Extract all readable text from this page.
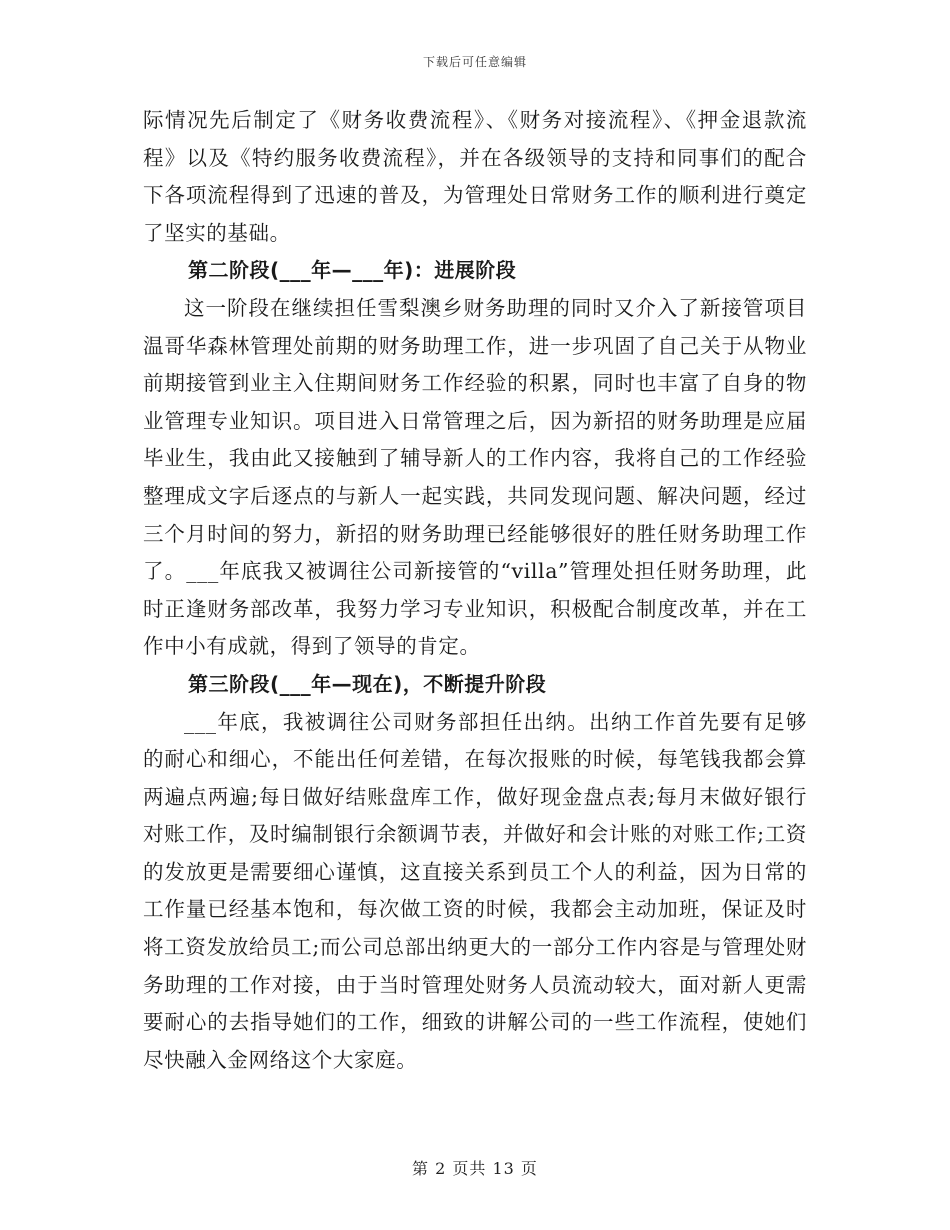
下载后可任意编辑

际情况先后制定了《财务收费流程》、《财务对接流程》、《押金退款流程》以及《特约服务收费流程》，并在各级领导的支持和同事们的配合下各项流程得到了迅速的普及，为管理处日常财务工作的顺利进行奠定了坚实的基础。

第二阶段(___年—___年)：进展阶段

这一阶段在继续担任雪梨澳乡财务助理的同时又介入了新接管项目温哥华森林管理处前期的财务助理工作，进一步巩固了自己关于从物业前期接管到业主入住期间财务工作经验的积累，同时也丰富了自身的物业管理专业知识。项目进入日常管理之后，因为新招的财务助理是应届毕业生，我由此又接触到了辅导新人的工作内容，我将自己的工作经验整理成文字后逐点的与新人一起实践，共同发现问题、解决问题，经过三个月时间的努力，新招的财务助理已经能够很好的胜任财务助理工作了。___年底我又被调往公司新接管的“villa”管理处担任财务助理，此时正逢财务部改革，我努力学习专业知识，积极配合制度改革，并在工作中小有成就，得到了领导的肯定。

第三阶段(___年—现在)，不断提升阶段

___年底，我被调往公司财务部担任出纳。出纳工作首先要有足够的耐心和细心，不能出任何差错，在每次报账的时候，每笔钱我都会算两遍点两遍;每日做好结账盘库工作，做好现金盘点表;每月末做好银行对账工作，及时编制银行余额调节表，并做好和会计账的对账工作;工资的发放更是需要细心谨慎，这直接关系到员工个人的利益，因为日常的工作量已经基本饱和，每次做工资的时候，我都会主动加班，保证及时将工资发放给员工;而公司总部出纳更大的一部分工作内容是与管理处财务助理的工作对接，由于当时管理处财务人员流动较大，面对新人更需要耐心的去指导她们的工作，细致的讲解公司的一些工作流程，使她们尽快融入金网络这个大家庭。

第 2 页共 13 页
